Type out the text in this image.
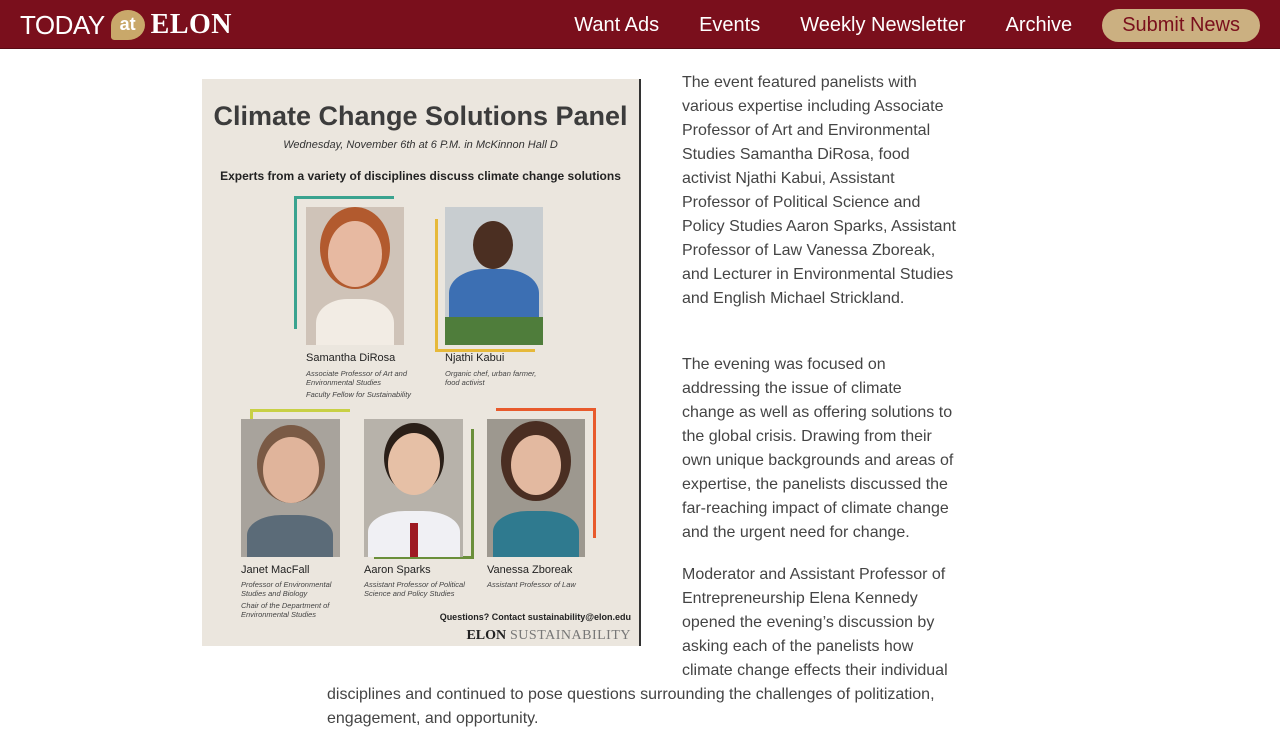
TODAY at ELON	Want Ads Events Weekly Newsletter Archive	Submit News
Climate Change Solutions Panel
Wednesday, November 6th at 6 P.M. in McKinnon Hall D
Experts from a variety of disciplines discuss climate change solutions
Samantha DiRosa
Associate Professor of Art and Environmental Studies
Faculty Fellow for Sustainability
Njathi Kabui
Organic chef, urban farmer, food activist
Janet MacFall
Professor of Environmental Studies and Biology
Chair of the Department of Environmental Studies
Aaron Sparks
Assistant Professor of Political Science and Policy Studies
Vanessa Zboreak
Assistant Professor of Law
Questions? Contact sustainability@elon.edu
ELON SUSTAINABILITY
The event featured panelists with various expertise including Associate Professor of Art and Environmental Studies Samantha DiRosa, food activist Njathi Kabui, Assistant Professor of Political Science and Policy Studies Aaron Sparks, Assistant Professor of Law Vanessa Zboreak, and Lecturer in Environmental Studies and English Michael Strickland.
The evening was focused on addressing the issue of climate change as well as offering solutions to the global crisis. Drawing from their own unique backgrounds and areas of expertise, the panelists discussed the far-reaching impact of climate change and the urgent need for change.
Moderator and Assistant Professor of Entrepreneurship Elena Kennedy opened the evening’s discussion by asking each of the panelists how climate change effects their individual
disciplines and continued to pose questions surrounding the challenges of politization, engagement, and opportunity.
